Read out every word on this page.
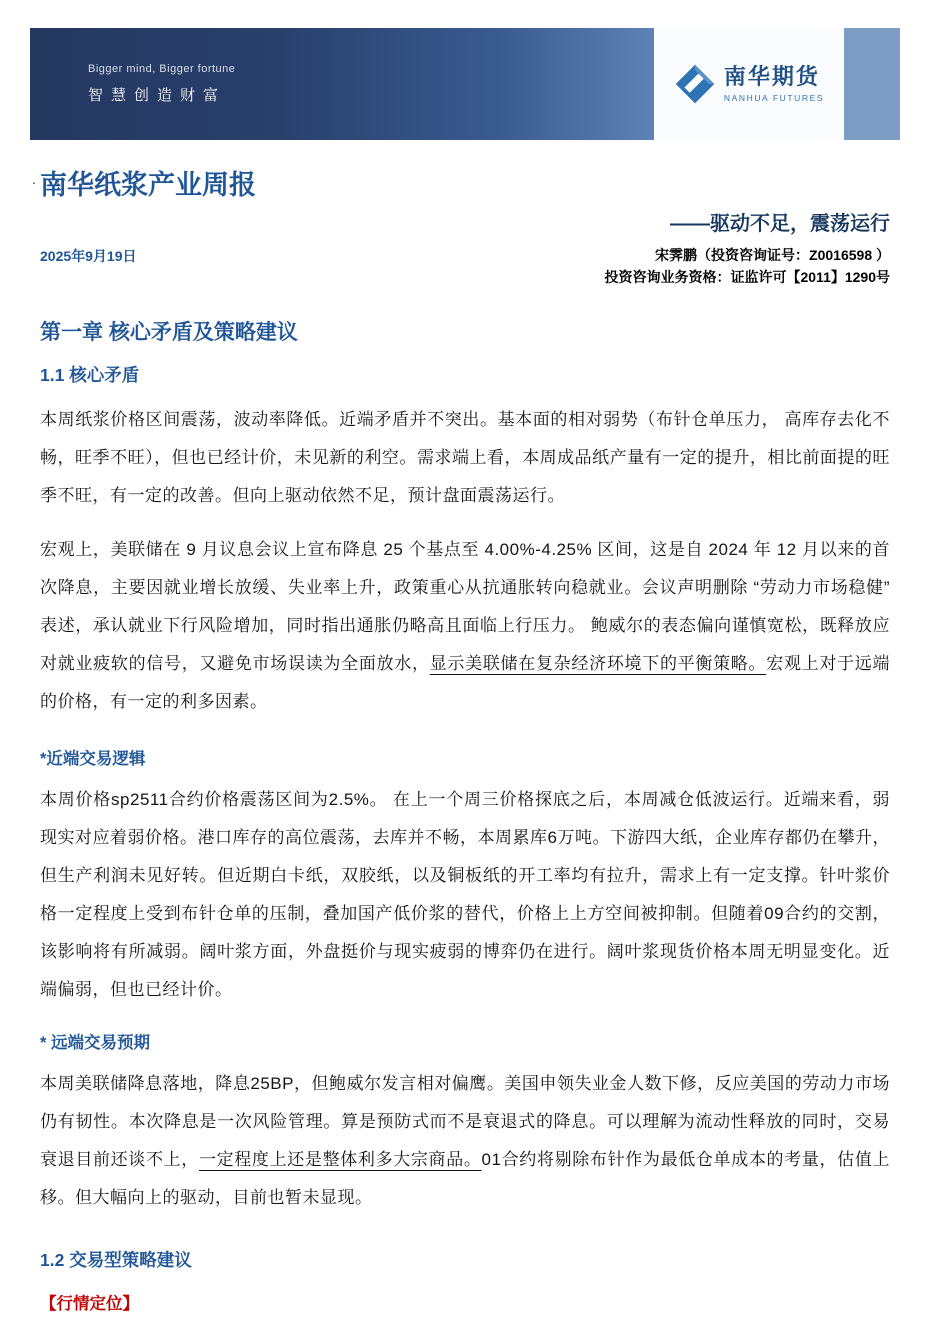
Bigger mind, Bigger fortune
智慧创造财富
南华期货
NANHUA FUTURES
. 南华纸浆产业周报
——驱动不足，震荡运行
2025年9月19日	宋霁鹏（投资咨询证号：Z0016598 ）
投资咨询业务资格：证监许可【2011】1290号
第一章 核心矛盾及策略建议
1.1 核心矛盾

本周纸浆价格区间震荡，波动率降低。近端矛盾并不突出。基本面的相对弱势（布针仓单压力， 高库存去化不畅，旺季不旺），但也已经计价，未见新的利空。需求端上看，本周成品纸产量有一定的提升，相比前面提的旺季不旺，有一定的改善。但向上驱动依然不足，预计盘面震荡运行。

宏观上，美联储在 9 月议息会议上宣布降息 25 个基点至 4.00%-4.25% 区间，这是自 2024 年 12 月以来的首次降息，主要因就业增长放缓、失业率上升，政策重心从抗通胀转向稳就业。会议声明删除 “劳动力市场稳健” 表述，承认就业下行风险增加，同时指出通胀仍略高且面临上行压力。 鲍威尔的表态偏向谨慎宽松，既释放应对就业疲软的信号，又避免市场误读为全面放水，显示美联储在复杂经济环境下的平衡策略。宏观上对于远端的价格，有一定的利多因素。

*近端交易逻辑

本周价格sp2511合约价格震荡区间为2.5%。 在上一个周三价格探底之后，本周减仓低波运行。近端来看，弱现实对应着弱价格。港口库存的高位震荡，去库并不畅，本周累库6万吨。下游四大纸，企业库存都仍在攀升，但生产利润未见好转。但近期白卡纸，双胶纸，以及铜板纸的开工率均有拉升，需求上有一定支撑。针叶浆价格一定程度上受到布针仓单的压制，叠加国产低价浆的替代，价格上上方空间被抑制。但随着09合约的交割，该影响将有所减弱。阔叶浆方面，外盘挺价与现实疲弱的博弈仍在进行。阔叶浆现货价格本周无明显变化。近端偏弱，但也已经计价。

* 远端交易预期

本周美联储降息落地，降息25BP，但鲍威尔发言相对偏鹰。美国申领失业金人数下修，反应美国的劳动力市场仍有韧性。本次降息是一次风险管理。算是预防式而不是衰退式的降息。可以理解为流动性释放的同时，交易衰退目前还谈不上，一定程度上还是整体利多大宗商品。01合约将剔除布针作为最低仓单成本的考量，估值上移。但大幅向上的驱动，目前也暂未显现。

1.2 交易型策略建议
【行情定位】
